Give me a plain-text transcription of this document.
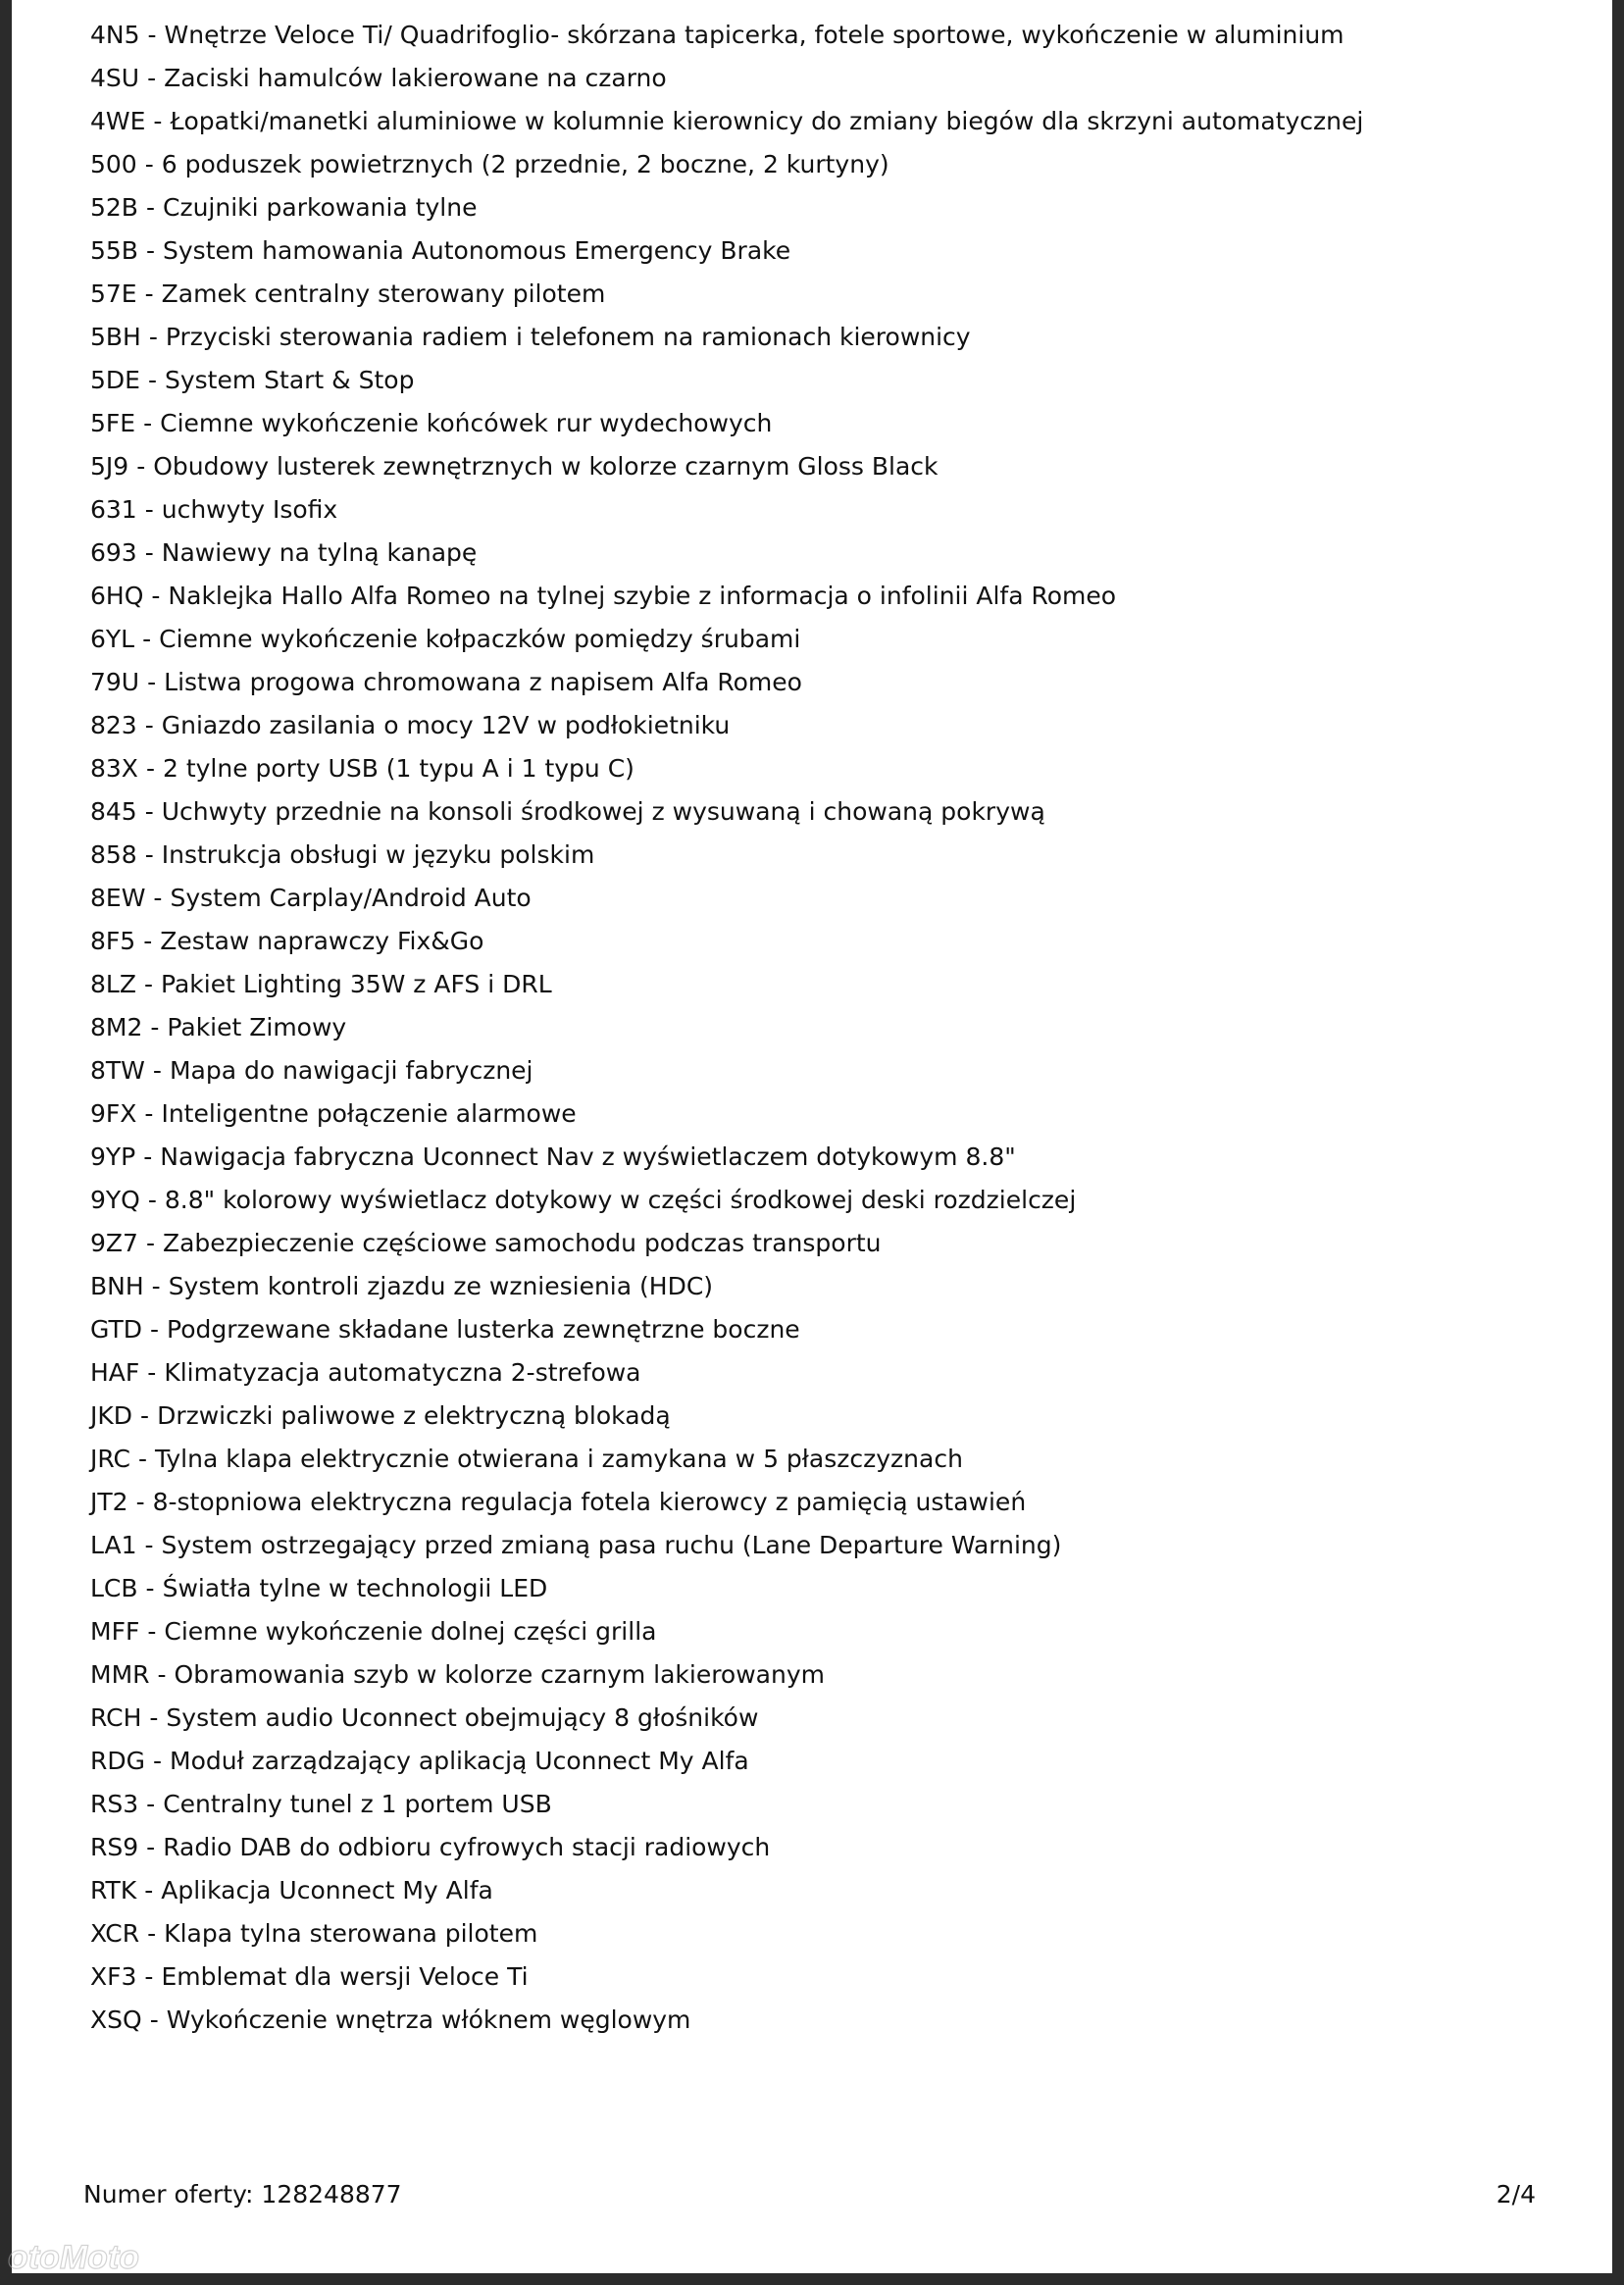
4N5 - Wnętrze Veloce Ti/ Quadrifoglio- skórzana tapicerka, fotele sportowe, wykończenie w aluminium
4SU - Zaciski hamulców lakierowane na czarno
4WE - Łopatki/manetki aluminiowe w kolumnie kierownicy do zmiany biegów dla skrzyni automatycznej
500 - 6 poduszek powietrznych (2 przednie, 2 boczne, 2 kurtyny)
52B - Czujniki parkowania tylne
55B - System hamowania Autonomous Emergency Brake
57E - Zamek centralny sterowany pilotem
5BH - Przyciski sterowania radiem i telefonem na ramionach kierownicy
5DE - System Start & Stop
5FE - Ciemne wykończenie końcówek rur wydechowych
5J9 - Obudowy lusterek zewnętrznych w kolorze czarnym Gloss Black
631 - uchwyty Isofix
693 - Nawiewy na tylną kanapę
6HQ - Naklejka Hallo Alfa Romeo na tylnej szybie z informacja o infolinii Alfa Romeo
6YL - Ciemne wykończenie kołpaczków pomiędzy śrubami
79U - Listwa progowa chromowana z napisem Alfa Romeo
823 - Gniazdo zasilania o mocy 12V w podłokietniku
83X - 2 tylne porty USB (1 typu A i 1 typu C)
845 - Uchwyty przednie na konsoli środkowej z wysuwaną i chowaną pokrywą
858 - Instrukcja obsługi w języku polskim
8EW - System Carplay/Android Auto
8F5 - Zestaw naprawczy Fix&Go
8LZ - Pakiet Lighting 35W z AFS i DRL
8M2 - Pakiet Zimowy
8TW - Mapa do nawigacji fabrycznej
9FX - Inteligentne połączenie alarmowe
9YP - Nawigacja fabryczna Uconnect Nav z wyświetlaczem dotykowym 8.8"
9YQ - 8.8" kolorowy wyświetlacz dotykowy w części środkowej deski rozdzielczej
9Z7 - Zabezpieczenie częściowe samochodu podczas transportu
BNH - System kontroli zjazdu ze wzniesienia (HDC)
GTD - Podgrzewane składane lusterka zewnętrzne boczne
HAF - Klimatyzacja automatyczna 2-strefowa
JKD - Drzwiczki paliwowe z elektryczną blokadą
JRC - Tylna klapa elektrycznie otwierana i zamykana w 5 płaszczyznach
JT2 - 8-stopniowa elektryczna regulacja fotela kierowcy z pamięcią ustawień
LA1 - System ostrzegający przed zmianą pasa ruchu (Lane Departure Warning)
LCB - Światła tylne w technologii LED
MFF - Ciemne wykończenie dolnej części grilla
MMR - Obramowania szyb w kolorze czarnym lakierowanym
RCH - System audio Uconnect obejmujący 8 głośników
RDG - Moduł zarządzający aplikacją Uconnect My Alfa
RS3 - Centralny tunel z 1 portem USB
RS9 - Radio DAB do odbioru cyfrowych stacji radiowych
RTK - Aplikacja Uconnect My Alfa
XCR - Klapa tylna sterowana pilotem
XF3 - Emblemat dla wersji Veloce Ti
XSQ - Wykończenie wnętrza włóknem węglowym
Numer oferty: 128248877	2/4
otoMoto
